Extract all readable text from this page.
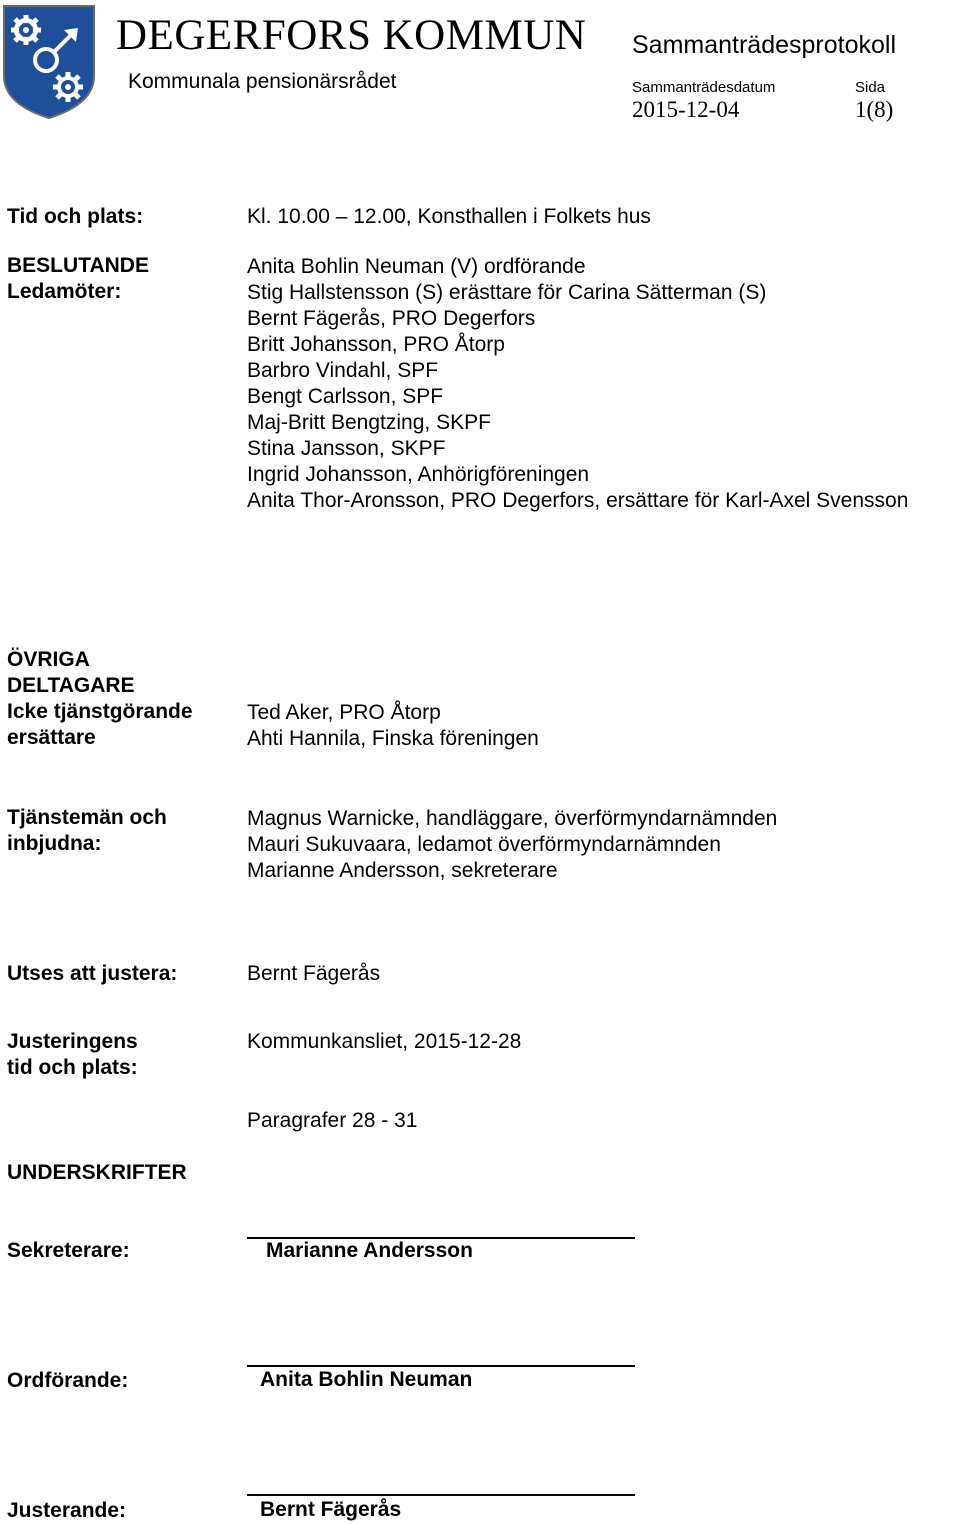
DEGERFORS KOMMUN
Kommunala pensionärsrådet
Sammanträdesprotokoll
Sammanträdesdatum
2015-12-04
Sida
1(8)
Tid och plats:	Kl. 10.00 – 12.00, Konsthallen i Folkets hus
BESLUTANDE
Ledamöter:
Anita Bohlin Neuman (V) ordförande
Stig Hallstensson (S) erästtare för Carina Sätterman (S)
Bernt Fägerås, PRO Degerfors
Britt Johansson, PRO Åtorp
Barbro Vindahl, SPF
Bengt Carlsson, SPF
Maj-Britt Bengtzing, SKPF
Stina Jansson, SKPF
Ingrid Johansson, Anhörigföreningen
Anita Thor-Aronsson, PRO Degerfors, ersättare för Karl-Axel Svensson
ÖVRIGA
DELTAGARE
Icke tjänstgörande
ersättare
Ted Aker, PRO Åtorp
Ahti Hannila, Finska föreningen
Tjänstemän och
inbjudna:
Magnus Warnicke, handläggare, överförmyndarnämnden
Mauri Sukuvaara, ledamot överförmyndarnämnden
Marianne Andersson, sekreterare
Utses att justera:	Bernt Fägerås
Justeringens
tid och plats:
Kommunkansliet, 2015-12-28
Paragrafer 28 - 31
UNDERSKRIFTER
Sekreterare:	Marianne Andersson
Ordförande:	Anita Bohlin Neuman
Justerande:	Bernt Fägerås
